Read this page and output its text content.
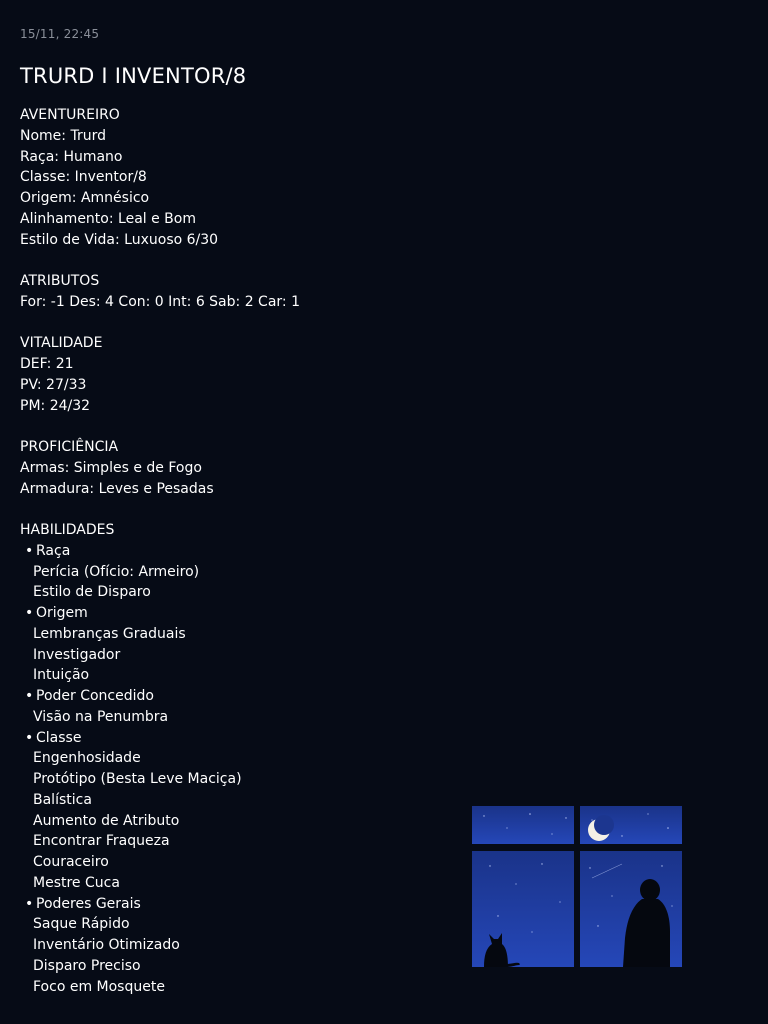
15/11, 22:45
TRURD I INVENTOR/8
AVENTUREIRO
Nome: Trurd
Raça: Humano
Classe: Inventor/8
Origem: Amnésico
Alinhamento: Leal e Bom
Estilo de Vida: Luxuoso 6/30
ATRIBUTOS
For: -1 Des: 4 Con: 0 Int: 6 Sab: 2 Car: 1
VITALIDADE
DEF: 21
PV: 27/33
PM: 24/32
PROFICIÊNCIA
Armas: Simples e de Fogo
Armadura: Leves e Pesadas
HABILIDADES
• Raça
Perícia (Ofício: Armeiro)
Estilo de Disparo
• Origem
Lembranças Graduais
Investigador
Intuição
• Poder Concedido
Visão na Penumbra
• Classe
Engenhosidade
Protótipo (Besta Leve Maciça)
Balística
Aumento de Atributo
Encontrar Fraqueza
Couraceiro
Mestre Cuca
• Poderes Gerais
Saque Rápido
Inventário Otimizado
Disparo Preciso
Foco em Mosquete
